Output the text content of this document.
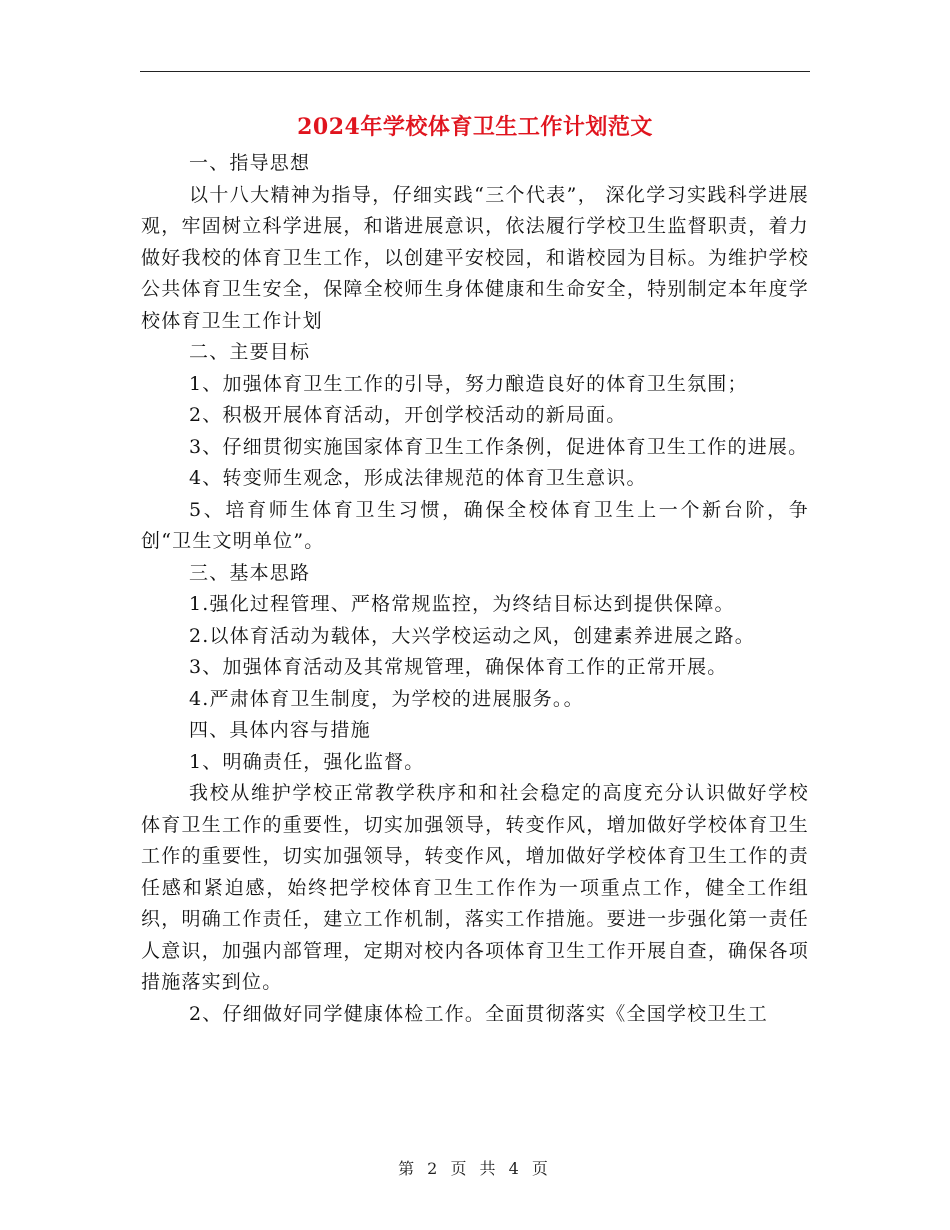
2024年学校体育卫生工作计划范文

一、指导思想

以十八大精神为指导，仔细实践“三个代表”， 深化学习实践科学进展观，牢固树立科学进展，和谐进展意识，依法履行学校卫生监督职责，着力做好我校的体育卫生工作，以创建平安校园，和谐校园为目标。为维护学校公共体育卫生安全，保障全校师生身体健康和生命安全，特别制定本年度学校体育卫生工作计划

二、主要目标

1、加强体育卫生工作的引导，努力酿造良好的体育卫生氛围；

2、积极开展体育活动，开创学校活动的新局面。

3、仔细贯彻实施国家体育卫生工作条例，促进体育卫生工作的进展。

4、转变师生观念，形成法律规范的体育卫生意识。

5、培育师生体育卫生习惯，确保全校体育卫生上一个新台阶，争创“卫生文明单位”。

三、基本思路

1.强化过程管理、严格常规监控，为终结目标达到提供保障。

2.以体育活动为载体，大兴学校运动之风，创建素养进展之路。

3、加强体育活动及其常规管理，确保体育工作的正常开展。

4.严肃体育卫生制度，为学校的进展服务。。

四、具体内容与措施

1、明确责任，强化监督。

我校从维护学校正常教学秩序和和社会稳定的高度充分认识做好学校体育卫生工作的重要性，切实加强领导，转变作风，增加做好学校体育卫生工作的重要性，切实加强领导，转变作风，增加做好学校体育卫生工作的责任感和紧迫感，始终把学校体育卫生工作作为一项重点工作，健全工作组织，明确工作责任，建立工作机制，落实工作措施。要进一步强化第一责任人意识，加强内部管理，定期对校内各项体育卫生工作开展自查，确保各项措施落实到位。

2、仔细做好同学健康体检工作。全面贯彻落实《全国学校卫生工

第 2 页 共 4 页
